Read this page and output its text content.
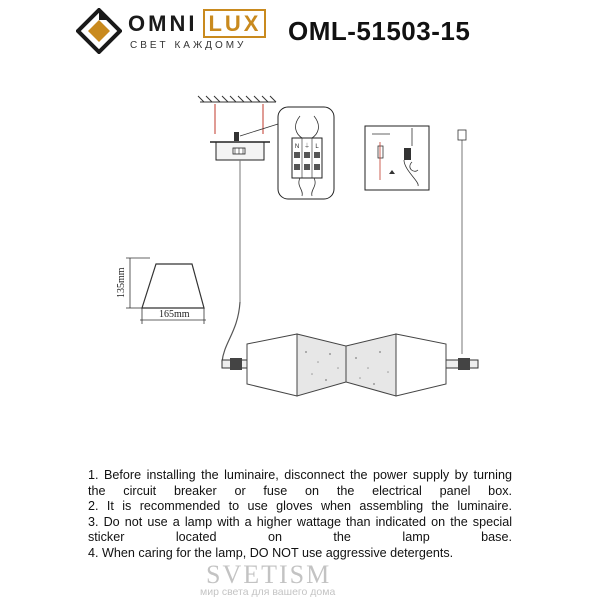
OMNI LUX
СВЕТ КАЖДОМУ OML-51503-15
N ⏚ L
135mm
165mm

1. Before installing the luminaire, disconnect the power supply by turning the circuit breaker or fuse on the electrical panel box.

2. It is recommended to use gloves when assembling the luminaire.

3. Do not use a lamp with a higher wattage than indicated on the special sticker located on the lamp base.

4. When caring for the lamp, DO NOT use aggressive detergents.

SVETISM
мир света для вашего дома
